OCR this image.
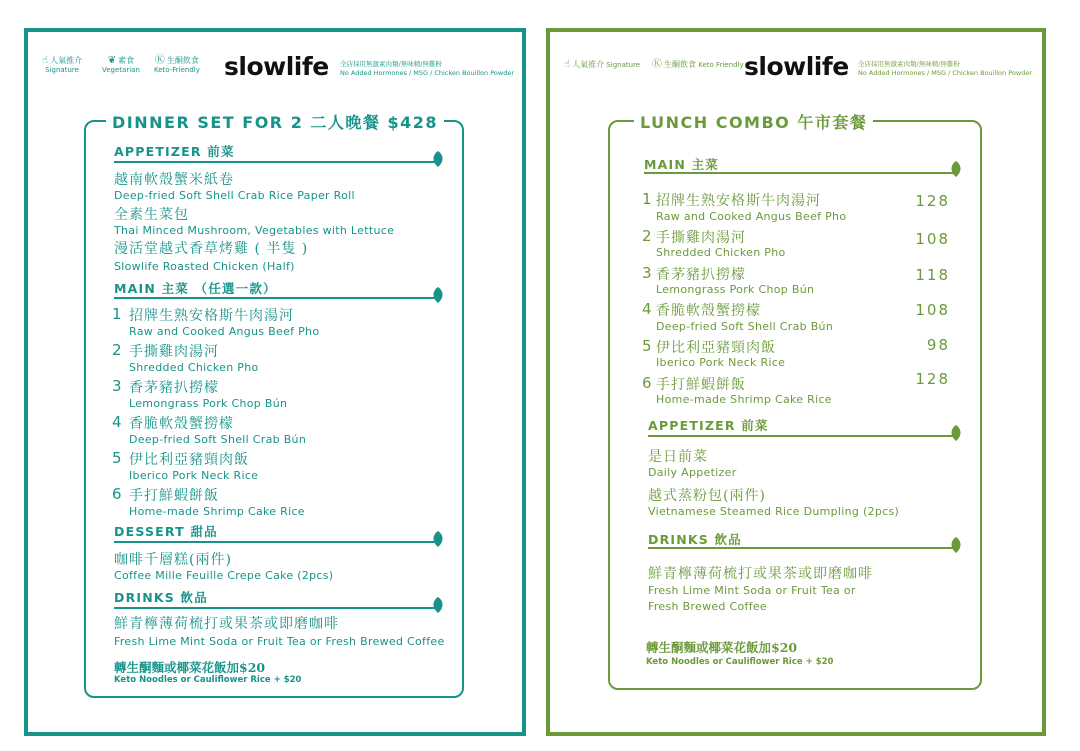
☝ 人氣推介
Signature
❦ 素食
Vegetarian
Ⓚ 生酮飲食
Keto-Friendly slowlife 全店採用無激素肉類/無味精/無雞粉
No Added Hormones / MSG / Chicken Bouillon Powder
DINNER SET FOR 2 二人晚餐 $428
APPETIZER 前菜
越南軟殼蟹米紙卷
Deep-fried Soft Shell Crab Rice Paper Roll
全素生菜包
Thai Minced Mushroom, Vegetables with Lettuce
漫活堂越式香草烤雞 ( 半隻 )
Slowlife Roasted Chicken (Half)
MAIN 主菜 （任選一款）
1 招牌生熟安格斯牛肉湯河
Raw and Cooked Angus Beef Pho
2 手撕雞肉湯河
Shredded Chicken Pho
3 香茅豬扒撈檬
Lemongrass Pork Chop Bún
4 香脆軟殼蟹撈檬
Deep-fried Soft Shell Crab Bún
5 伊比利亞豬頸肉飯
Iberico Pork Neck Rice
6 手打鮮蝦餅飯
Home-made Shrimp Cake Rice
DESSERT 甜品
咖啡千層糕(兩件)
Coffee Mille Feuille Crepe Cake (2pcs)
DRINKS 飲品
鮮青檸薄荷梳打或果茶或即磨咖啡
Fresh Lime Mint Soda or Fruit Tea or Fresh Brewed Coffee
轉生酮麵或椰菜花飯加$20
Keto Noodles or Cauliflower Rice + $20
☝ 人氣推介 Signature Ⓚ 生酮飲食 Keto Friendly slowlife 全店採用無激素肉類/無味精/無雞粉
No Added Hormones / MSG / Chicken Bouillon Powder
LUNCH COMBO 午市套餐
MAIN 主菜
1 招牌生熟安格斯牛肉湯河
Raw and Cooked Angus Beef Pho
128
2 手撕雞肉湯河
Shredded Chicken Pho
108
3 香茅豬扒撈檬
Lemongrass Pork Chop Bún
118
4 香脆軟殼蟹撈檬
Deep-fried Soft Shell Crab Bún
108
5 伊比利亞豬頸肉飯
Iberico Pork Neck Rice
98
6 手打鮮蝦餅飯
Home-made Shrimp Cake Rice
128
APPETIZER 前菜
是日前菜
Daily Appetizer
越式蒸粉包(兩件)
Vietnamese Steamed Rice Dumpling (2pcs)
DRINKS 飲品
鮮青檸薄荷梳打或果茶或即磨咖啡
Fresh Lime Mint Soda or Fruit Tea or
Fresh Brewed Coffee
轉生酮麵或椰菜花飯加$20
Keto Noodles or Cauliflower Rice + $20
